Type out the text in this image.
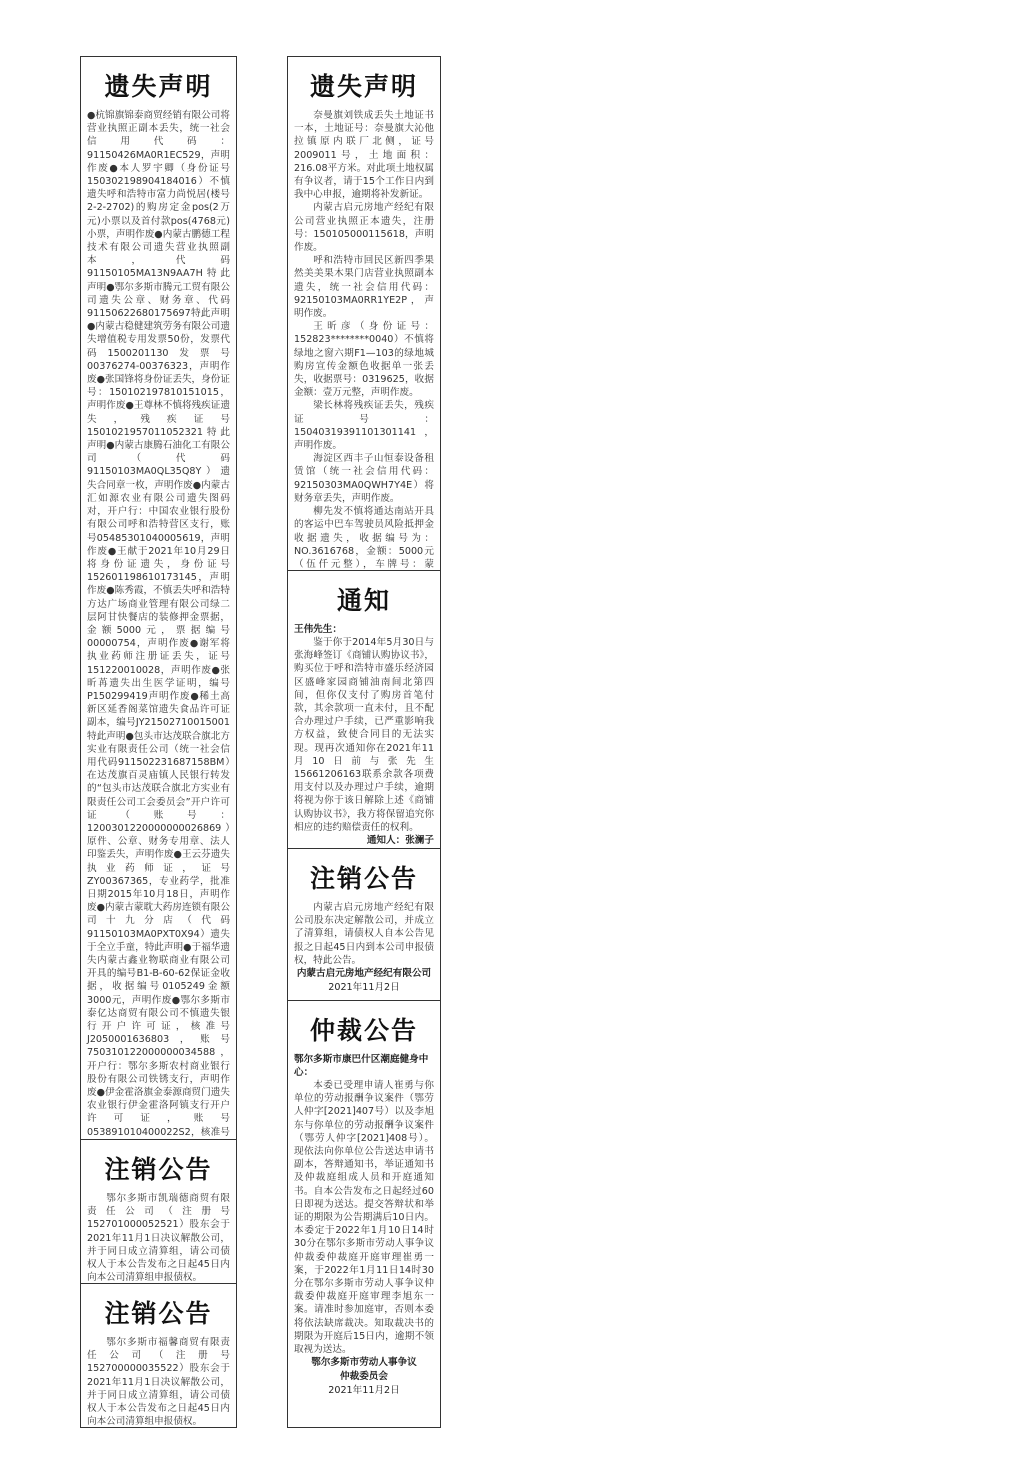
遗失声明

●杭锦旗锦泰商贸经销有限公司将营业执照正副本丢失，统一社会信用代码：91150426MA0R1EC529，声明作废●本人罗宇卿（身份证号150302198904184016）不慎遗失呼和浩特市富力尚悦居(楼号2-2-2702)的购房定金pos(2万元)小票以及首付款pos(4768元)小票，声明作废●内蒙古鹏德工程技术有限公司遗失营业执照副本，代码91150105MA13N9AA7H特此声明●鄂尔多斯市腾元工贸有限公司遗失公章、财务章、代码91150622680175697特此声明●内蒙古稳健建筑劳务有限公司遗失增值税专用发票50份，发票代码1500201130发票号00376274-00376323，声明作废●张国锋将身份证丢失，身份证号：150102197810151015，声明作废●王尊林不慎将残疾证遗失，残疾证号1501021957011052321特此声明●内蒙古康腾石油化工有限公司（代码91150103MA0QL35Q8Y）遗失合同章一枚，声明作废●内蒙古汇如源农业有限公司遗失图码对，开户行：中国农业银行股份有限公司呼和浩特营区支行，账号05485301040005619，声明作废●王献于2021年10月29日将身份证遗失，身份证号152601198610173145，声明作废●陈秀霞，不慎丢失呼和浩特方达广场商业管理有限公司绿二层阿甘快餐店的装修押金票据，金额5000元，票据编号00000754，声明作废●谢军将执业药师注册证丢失，证号151220010028，声明作废●张昕苒遗失出生医学证明，编号P150299419声明作废●稀土高新区延香阁菜馆遗失食品许可证副本，编号JY21502710015001特此声明●包头市达茂联合旗北方实业有限责任公司（统一社会信用代码911502231687158BM）在达茂旗百灵庙镇人民银行转发的“包头市达茂联合旗北方实业有限责任公司工会委员会”开户许可证（账号：1200301220000000026869）原件、公章、财务专用章、法人印鉴丢失，声明作废●王云芬遗失执业药师证，证号ZY00367365，专业药学，批准日期2015年10月18日，声明作废●内蒙古蒙耽大药房连锁有限公司十九分店（代码91150103MA0PXT0X94）遗失于全立手童，特此声明●于福华遗失内蒙古鑫业物联商业有限公司开具的编号B1-B-60-62保证金收据，收据编号0105249金额3000元，声明作废●鄂尔多斯市泰亿达商贸有限公司不慎遗失银行开户许可证，核准号J2050001636803，账号750310122000000034588，开户行：鄂尔多斯农村商业银行股份有限公司铁锈支行，声明作废●伊金霍洛旗金泰源商贸门遗失农业银行伊金霍洛阿镇支行开户许可证，账号053891010400022S2，核准号

注销公告

鄂尔多斯市凯瑞德商贸有限责任公司（注册号152701000052521）股东会于2021年11月1日决议解散公司，并于同日成立清算组，请公司债权人于本公告发布之日起45日内向本公司清算组申报债权。

注销公告

鄂尔多斯市福馨商贸有限责任公司（注册号152700000035522）股东会于2021年11月1日决议解散公司，并于同日成立清算组，请公司债权人于本公告发布之日起45日内向本公司清算组申报债权。

遗失声明

奈曼旗刘铁成丢失土地证书一本，土地证号：奈曼旗大沁他拉镇原内联厂北侧，证号2009011号，土地面积：216.08平方米。对此项土地权属有争议者，请于15个工作日内到我中心申报，逾期将补发新证。

内蒙古启元房地产经纪有限公司营业执照正本遗失，注册号：150105000115618，声明作废。

呼和浩特市回民区新四季果然美美果木果门店营业执照副本遗失，统一社会信用代码：92150103MA0RR1YE2P，声明作废。

王昕彦（身份证号：152823********0040）不慎将绿地之窗六期F1—103的绿地城购房宣传金额色收据单一张丢失，收据票号：0319625，收据金额：壹万元整，声明作废。

梁长林将残疾证丢失，残疾证号：15040319391101301141，声明作废。

海淀区西丰子山恒泰设备租赁馆（统一社会信用代码：92150303MA0QWH7Y4E）将财务章丢失，声明作废。

柳先发不慎将通达南站开具的客运中巴车驾驶员风险抵押金收据遗失，收据编号为：NO.3616768，金额：5000元（伍仟元整），车牌号：蒙

通知
王伟先生：

鉴于你于2014年5月30日与张海峰签订《商铺认购协议书》，购买位于呼和浩特市盛乐经济园区盛峰家园商铺油南间北第四间，但你仅支付了购房首笔付款，其余款项一直未付，且不配合办理过户手续，已严重影响我方权益，致使合同目的无法实现。现再次通知你在2021年11月10日前与张先生15661206163联系余款各项费用支付以及办理过户手续，逾期将视为你于该日解除上述《商铺认购协议书》，我方将保留追究你相应的违约赔偿责任的权利。

通知人：张澜子
注销公告

内蒙古启元房地产经纪有限公司股东决定解散公司，并成立了清算组，请债权人自本公告见报之日起45日内到本公司申报债权，特此公告。

内蒙古启元房地产经纪有限公司
2021年11月2日
仲裁公告
鄂尔多斯市康巴什区潮庭健身中心：

本委已受理申请人崔勇与你单位的劳动报酬争议案件（鄂劳人仲字[2021]407号）以及李旭东与你单位的劳动报酬争议案件（鄂劳人仲字[2021]408号）。现依法向你单位公告送达申请书副本，答辩通知书，举证通知书及仲裁庭组成人员和开庭通知书。自本公告发布之日起经过60日即视为送达。提交答辩状和举证的期限为公告期满后10日内。本委定于2022年1月10日14时30分在鄂尔多斯市劳动人事争议仲裁委仲裁庭开庭审理崔勇一案，于2022年1月11日14时30分在鄂尔多斯市劳动人事争议仲裁委仲裁庭开庭审理李旭东一案。请准时参加庭审，否则本委将依法缺席裁决。知取裁决书的期限为开庭后15日内，逾期不领取视为送达。

鄂尔多斯市劳动人事争议
仲裁委员会
2021年11月2日
